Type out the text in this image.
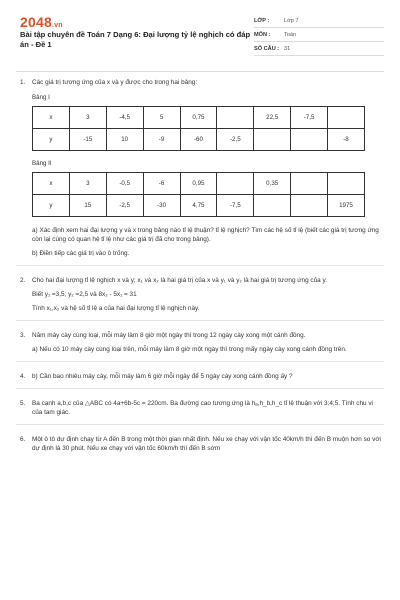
2048.vn
Bài tập chuyên đề Toán 7 Dạng 6: Đại lượng tỷ lệ nghịch có đáp án - Đề 1
LỚP :	Lớp 7
MÔN :	Toán
SỐ CÂU : 31
1. Các giá trị tương ứng của x và y được cho trong hai bảng:

Bảng I
x	3	-4,5	5	0,75		22,5	-7,5	
y	-15	10	-9	-60	-2,5			-8
Bảng II
x	3	-0,5	-6	0,95		0,35		
y	15	-2,5	-30	4,75	-7,5			1975

a) Xác định xem hai đại lượng y và x trong bảng nào tỉ lệ thuận? tỉ lệ nghịch? Tìm các hệ số tỉ lệ (biết các giá trị tương ứng còn lại cùng có quan hệ tỉ lệ như các giá trị đã cho trong bảng).

b) Điền tiếp các giá trị vào ô trống.

2. Cho hai đại lượng tỉ lệ nghịch x và y; x₁ và x₂ là hai giá trị của x và y₁ và y₂ là hai giá trị tương ứng của y.

Biết y₁ =3,5; y₂ =2,5 và 8x₂ - 5x₁ = 31

Tính x₁,x₂ và hệ số tỉ lệ a của hai đại lượng tỉ lệ nghịch này.

3. Năm máy cày cùng loại, mỗi máy làm 8 giờ một ngày thì trong 12 ngày cày xong một cánh đồng.

a) Nếu có 10 máy cày cùng loại trên, mỗi máy làm 8 giờ một ngày thì trong mấy ngày cày xong cánh đồng trên.

4. b) Cần bao nhiêu máy cày, mỗi máy làm 6 giờ mỗi ngày để 5 ngày cày xong cánh đồng ấy ?

5. Ba cạnh a,b,c của △ABC có 4a+6b-5c = 220cm. Ba đường cao tương ứng là hₐ,h_b,h_c tỉ lệ thuận với 3;4;5. Tính chu vi của tam giác.

6. Một ô tô dự định chạy từ A đến B trong một thời gian nhất định. Nếu xe chạy với vận tốc 40km/h thì đến B muộn hơn so với dự định là 30 phút. Nếu xe chạy với vận tốc 60km/h thì đến B sớm
